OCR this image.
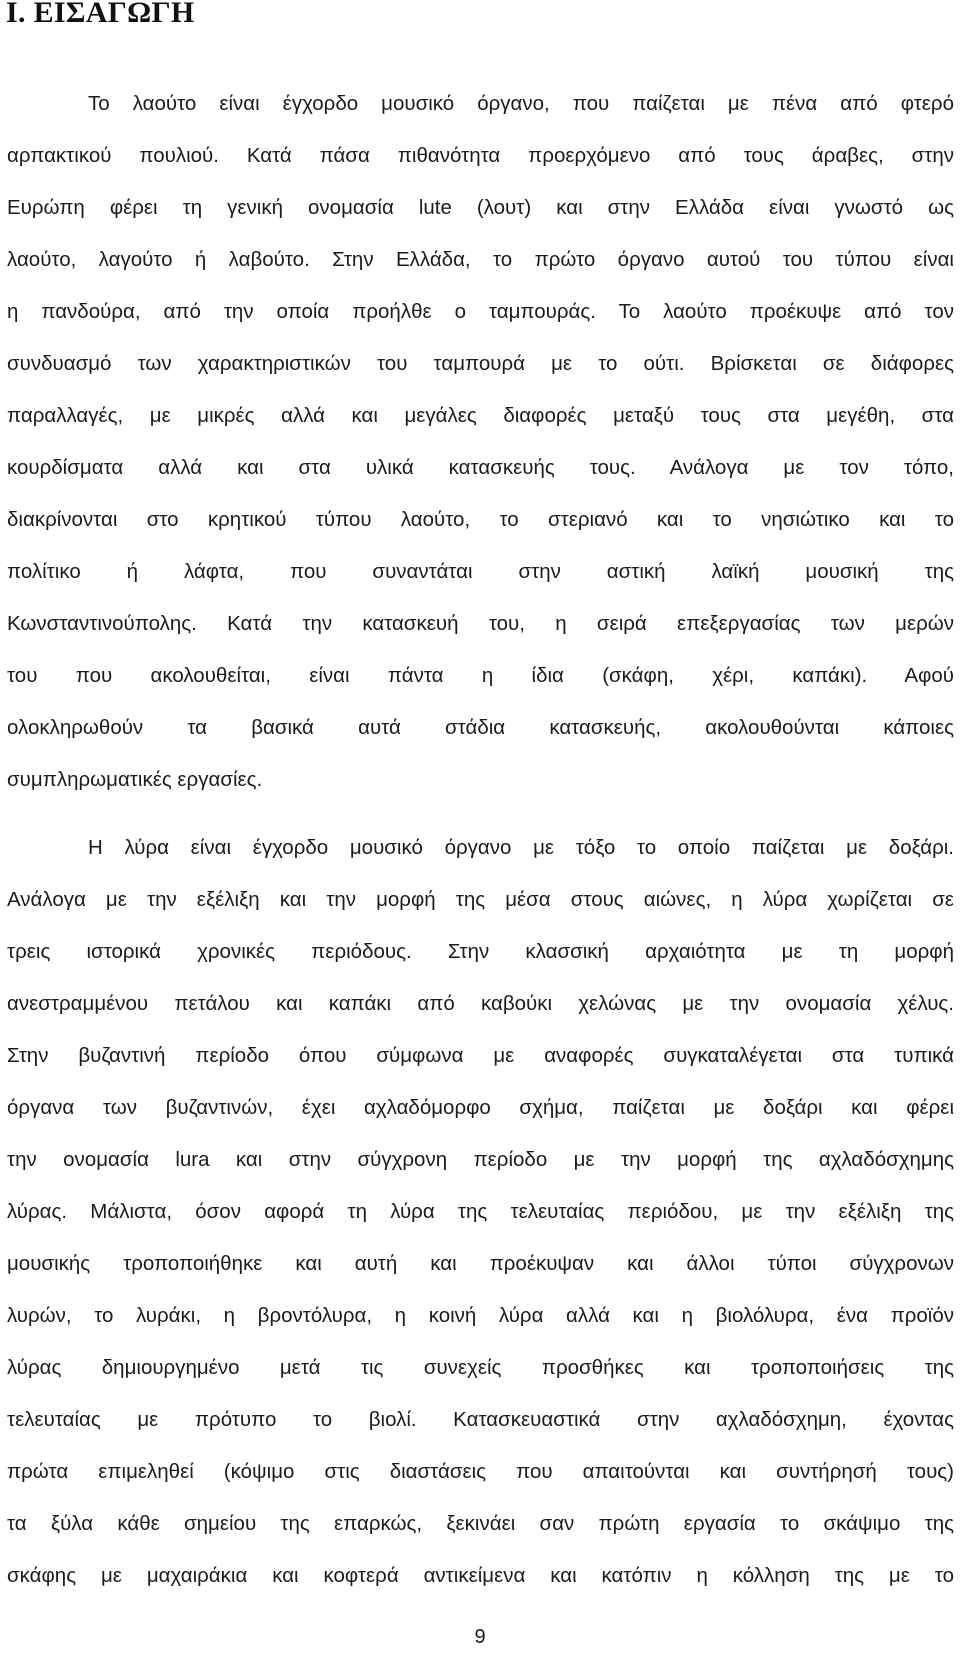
I. ΕΙΣΑΓΩΓΗ

Το λαούτο είναι έγχορδο μουσικό όργανο, που παίζεται με πένα από φτερό

αρπακτικού πουλιού. Κατά πάσα πιθανότητα προερχόμενο από τους άραβες, στην

Ευρώπη φέρει τη γενική ονομασία lute (λουτ) και στην Ελλάδα είναι γνωστό ως

λαούτο, λαγούτο ή λαβούτο. Στην Ελλάδα, το πρώτο όργανο αυτού του τύπου είναι

η πανδούρα, από την οποία προήλθε ο ταμπουράς. Το λαούτο προέκυψε από τον

συνδυασμό των χαρακτηριστικών του ταμπουρά με το ούτι. Βρίσκεται σε διάφορες

παραλλαγές, με μικρές αλλά και μεγάλες διαφορές μεταξύ τους στα μεγέθη, στα

κουρδίσματα αλλά και στα υλικά κατασκευής τους. Ανάλογα με τον τόπο,

διακρίνονται στο κρητικού τύπου λαούτο, το στεριανό και το νησιώτικο και το

πολίτικο ή λάφτα, που συναντάται στην αστική λαϊκή μουσική της

Κωνσταντινούπολης. Κατά την κατασκευή του, η σειρά επεξεργασίας των μερών

του που ακολουθείται, είναι πάντα η ίδια (σκάφη, χέρι, καπάκι). Αφού

ολοκληρωθούν τα βασικά αυτά στάδια κατασκευής, ακολουθούνται κάποιες

συμπληρωματικές εργασίες.

Η λύρα είναι έγχορδο μουσικό όργανο με τόξο το οποίο παίζεται με δοξάρι.

Ανάλογα με την εξέλιξη και την μορφή της μέσα στους αιώνες, η λύρα χωρίζεται σε

τρεις ιστορικά χρονικές περιόδους. Στην κλασσική αρχαιότητα με τη μορφή

ανεστραμμένου πετάλου και καπάκι από καβούκι χελώνας με την ονομασία χέλυς.

Στην βυζαντινή περίοδο όπου σύμφωνα με αναφορές συγκαταλέγεται στα τυπικά

όργανα των βυζαντινών, έχει αχλαδόμορφο σχήμα, παίζεται με δοξάρι και φέρει

την ονομασία lura και στην σύγχρονη περίοδο με την μορφή της αχλαδόσχημης

λύρας. Μάλιστα, όσον αφορά τη λύρα της τελευταίας περιόδου, με την εξέλιξη της

μουσικής τροποποιήθηκε και αυτή και προέκυψαν και άλλοι τύποι σύγχρονων

λυρών, το λυράκι, η βροντόλυρα, η κοινή λύρα αλλά και η βιολόλυρα, ένα προϊόν

λύρας δημιουργημένο μετά τις συνεχείς προσθήκες και τροποποιήσεις της

τελευταίας με πρότυπο το βιολί. Κατασκευαστικά στην αχλαδόσχημη, έχοντας

πρώτα επιμεληθεί (κόψιμο στις διαστάσεις που απαιτούνται και συντήρησή τους)

τα ξύλα κάθε σημείου της επαρκώς, ξεκινάει σαν πρώτη εργασία το σκάψιμο της

σκάφης με μαχαιράκια και κοφτερά αντικείμενα και κατόπιν η κόλληση της με το

9
